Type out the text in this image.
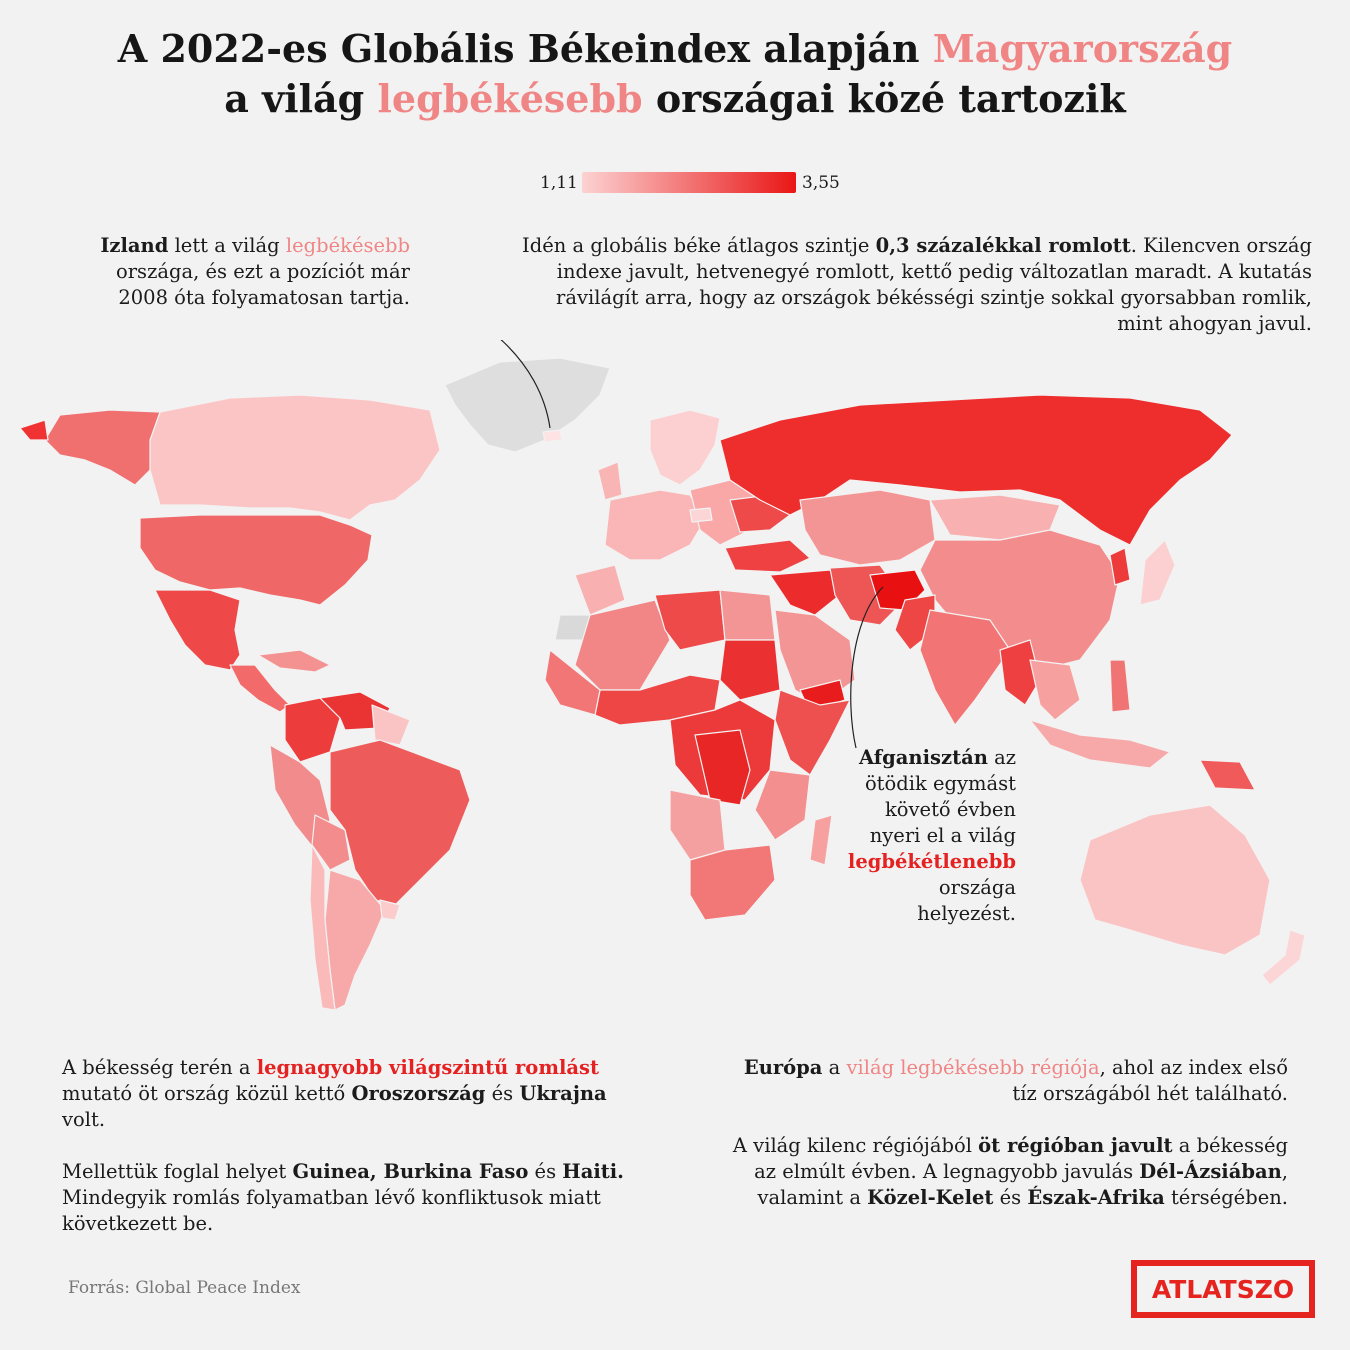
A 2022-es Globális Békeindex alapján Magyarország
a világ legbékésebb országai közé tartozik
1,11	3,55
Izland lett a világ legbékésebb
országa, és ezt a pozíciót már
2008 óta folyamatosan tartja.
Idén a globális béke átlagos szintje 0,3 százalékkal romlott. Kilencven ország
indexe javult, hetvenegyé romlott, kettő pedig változatlan maradt. A kutatás
rávilágít arra, hogy az országok békésségi szintje sokkal gyorsabban romlik,
mint ahogyan javul.
Afganisztán az
ötödik egymást
követő évben
nyeri el a világ
legbékétlenebb
országa
helyezést.
A békesség terén a legnagyobb világszintű romlást
mutató öt ország közül kettő Oroszország és Ukrajna
volt.
Mellettük foglal helyet Guinea, Burkina Faso és Haiti.
Mindegyik romlás folyamatban lévő konfliktusok miatt
következett be.
Európa a világ legbékésebb régiója, ahol az index első
tíz országából hét található.
A világ kilenc régiójából öt régióban javult a békesség
az elmúlt évben. A legnagyobb javulás Dél-Ázsiában,
valamint a Közel-Kelet és Észak-Afrika térségében.
Forrás: Global Peace Index	ATLATSZO
